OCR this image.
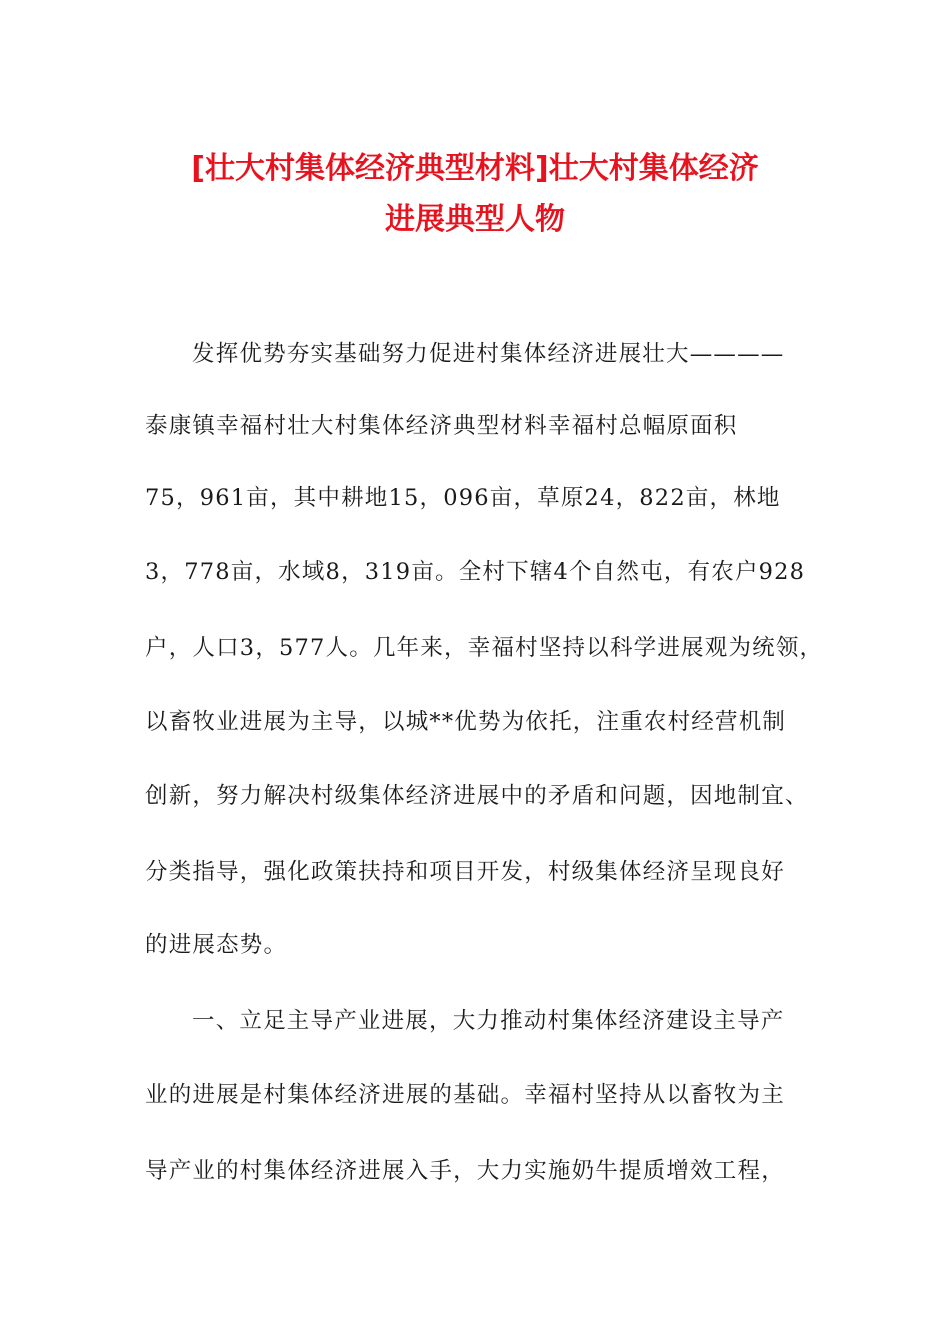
[壮大村集体经济典型材料]壮大村集体经济
进展典型人物
发挥优势夯实基础努力促进村集体经济进展壮大————
泰康镇幸福村壮大村集体经济典型材料幸福村总幅原面积
75，961亩，其中耕地15，096亩，草原24，822亩，林地
3，778亩，水域8，319亩。全村下辖4个自然屯，有农户928
户，人口3，577人。几年来，幸福村坚持以科学进展观为统领，
以畜牧业进展为主导，以城**优势为依托，注重农村经营机制
创新，努力解决村级集体经济进展中的矛盾和问题，因地制宜、
分类指导，强化政策扶持和项目开发，村级集体经济呈现良好
的进展态势。
一、立足主导产业进展，大力推动村集体经济建设主导产
业的进展是村集体经济进展的基础。幸福村坚持从以畜牧为主
导产业的村集体经济进展入手，大力实施奶牛提质增效工程，
